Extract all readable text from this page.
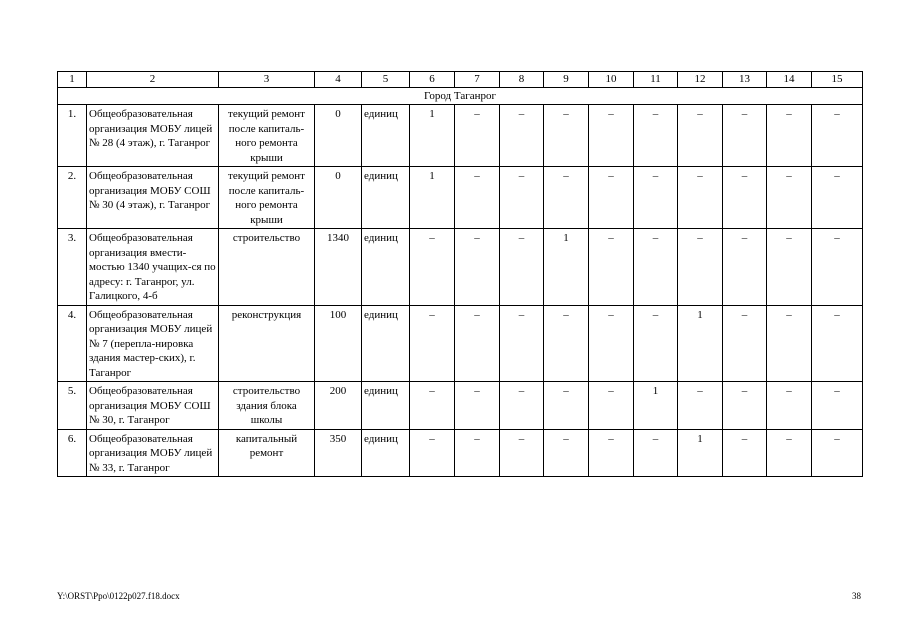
1	2	3	4	5	6	7	8	9	10	11	12	13	14	15
Город Таганрог														
1.	Общеобразовательная организация МОБУ лицей № 28 (4 этаж), г. Таганрог	текущий ремонт после капиталь-ного ремонта крыши	0	единиц	1	–	–	–	–	–	–	–	–	–
2.	Общеобразовательная организация МОБУ СОШ № 30 (4 этаж), г. Таганрог	текущий ремонт после капиталь-ного ремонта крыши	0	единиц	1	–	–	–	–	–	–	–	–	–
3.	Общеобразовательная организация вмести-мостью 1340 учащих-ся по адресу: г. Таганрог, ул. Галицкого, 4-б	строительство	1340	единиц	–	–	–	1	–	–	–	–	–	–
4.	Общеобразовательная организация МОБУ лицей № 7 (перепла-нировка здания мастер-ских), г. Таганрог	реконструкция	100	единиц	–	–	–	–	–	–	1	–	–	–
5.	Общеобразовательная организация МОБУ СОШ № 30, г. Таганрог	строительство здания блока школы	200	единиц	–	–	–	–	–	1	–	–	–	–
6.	Общеобразовательная организация МОБУ лицей № 33, г. Таганрог	капитальный ремонт	350	единиц	–	–	–	–	–	–	1	–	–	–
Y:\ORST\Ppo\0122p027.f18.docx	38
